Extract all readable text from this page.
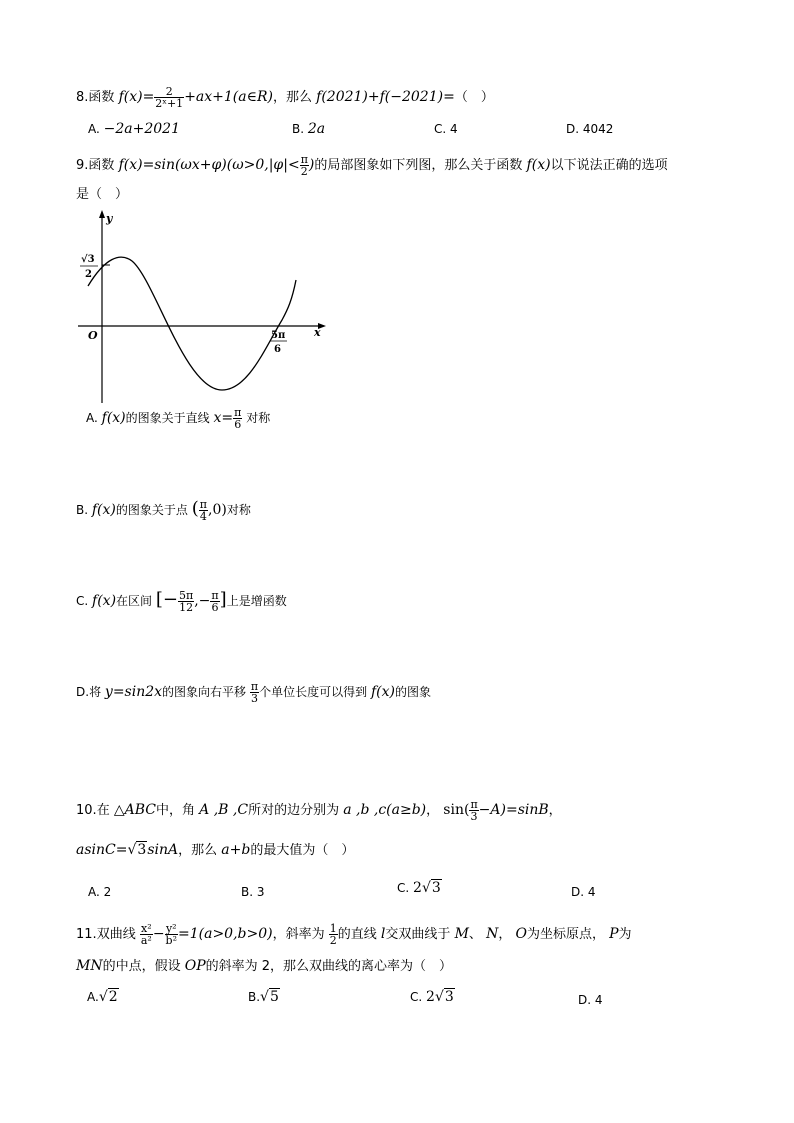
8.函数 $f(x)= \frac{2}{\text{2ˣ+1}}$ +ax+1(a∈R)，那么 f(2021)+f(−2021)=（　）
A. −2a+2021	B. 2a	C. 4	D. 4042
9.函数 $f(x)=\sin(\omega x+\varphi)(\omega>0,|\varphi|< \frac{\pi}{2}$ )的局部图象如下列图，那么关于函数 f(x)以下说法正确的选项
是（　）
y
x
O
√3
2
5π
6
A. f(x)的图象关于直线 $x= \frac{\pi}{6}$ 对称
B. f(x)的图象关于点 ( $\frac{\pi}{4} ,0$)对称
C. f(x)在区间 [− $\frac{5\pi}{12}$ ,− $\frac{\pi}{6}$ ]上是增函数
D.将 y=sin2x的图象向右平移 $\frac{\pi}{3}$ 个单位长度可以得到 f(x)的图象
10.在 △ABC中，角 A ,B ,C所对的边分别为 a ,b ,c(a≥b)， $\sin( \frac{\pi}{3} -A)=\sin B$，
asinC=√3sinA，那么 a+b的最大值为（　）
A. 2	B. 3	C. 2√3	D. 4
11.双曲线 $\frac{\text{x²}}{\text{a²}} - \frac{\text{y²}}{\text{b²}} =1(a>0,b>0)$，斜率为 $\frac{1}{2}$ 的直线 l交双曲线于 M、 N， O为坐标原点， P为
MN的中点，假设 OP的斜率为 2，那么双曲线的离心率为（　）
A.√2	B.√5	C. 2√3	D. 4
